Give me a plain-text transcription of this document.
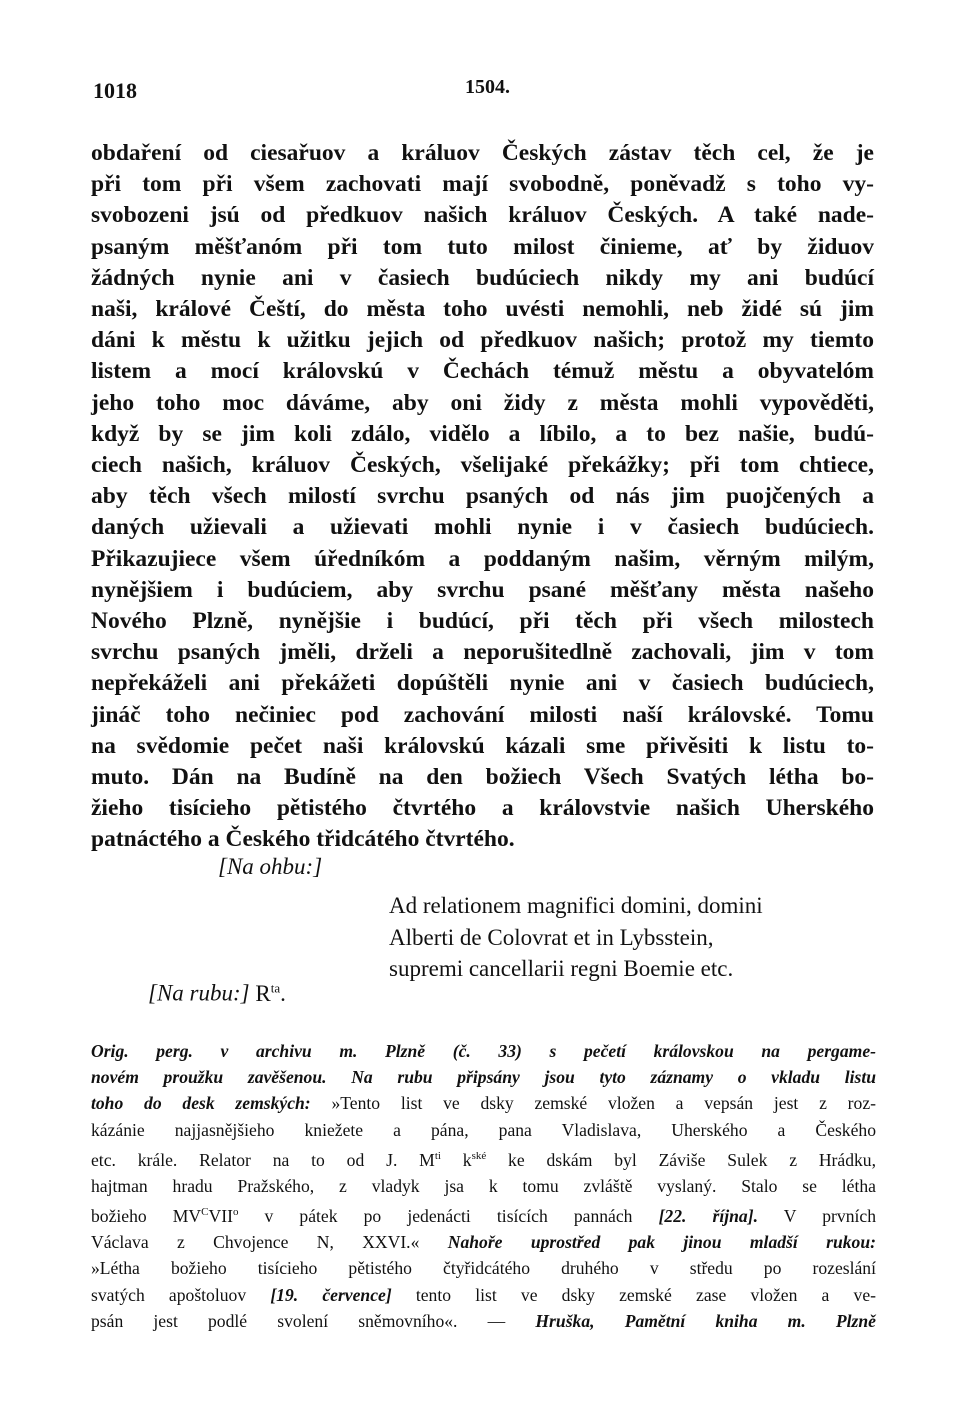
1018	1504.
obdaření od ciesařuov a králuov Českých zástav těch cel, že je
při tom při všem zachovati mají svobodně, poněvadž s toho vy-
svobozeni jsú od předkuov našich králuov Českých. A také nade-
psaným měšťanóm při tom tuto milost činieme, ať by židuov
žádných nynie ani v časiech budúciech nikdy my ani budúcí
naši, králové Čeští, do města toho uvésti nemohli, neb židé sú jim
dáni k městu k užitku jejich od předkuov našich; protož my tiemto
listem a mocí královskú v Čechách témuž městu a obyvatelóm
jeho toho moc dáváme, aby oni židy z města mohli vypověděti,
když by se jim koli zdálo, vidělo a líbilo, a to bez našie, budú-
ciech našich, králuov Českých, všelijaké překážky; při tom chtiece,
aby těch všech milostí svrchu psaných od nás jim puojčených a
daných užievali a užievati mohli nynie i v časiech budúciech.
Přikazujiece všem úředníkóm a poddaným našim, věrným milým,
nynějšiem i budúciem, aby svrchu psané měšťany města našeho
Nového Plzně, nynějšie i budúcí, při těch při všech milostech
svrchu psaných jměli, drželi a neporušitedlně zachovali, jim v tom
nepřekáželi ani překážeti dopúštěli nynie ani v časiech budúciech,
jináč toho nečiniec pod zachování milosti naší královské. Tomu
na svědomie pečet naši královskú kázali sme přivěsiti k listu to-
muto. Dán na Budíně na den božiech Všech Svatých létha bo-
žieho tisícieho pětistého čtvrtého a královstvie našich Uherského
patnáctého a Českého třidcátého čtvrtého.
[Na ohbu:]
Ad relationem magnifici domini, domini
Alberti de Colovrat et in Lybsstein,
supremi cancellarii regni Boemie etc.
[Na rubu:] $R^{ta}$.
Orig. perg. v archivu m. Plzně (č. 33) s pečetí královskou na pergame-
novém proužku zavěšenou. Na rubu připsány jsou tyto záznamy o vkladu listu
toho do desk zemských: »Tento list ve dsky zemské vložen a vepsán jest z roz-
kázánie najjasnějšieho kniežete a pána, pana Vladislava, Uherského a Českého
etc. krále. Relator na to od J. $M^{ti}$ $k^{ské}$ ke dskám byl Záviše Sulek z Hrádku,
hajtman hradu Pražského, z vladyk jsa k tomu zvláště vyslaný. Stalo se létha
božieho $MV^CVII^o$ v pátek po jedenácti tisících pannách [22. října]. V prvních
Václava z Chvojence N, XXVI.« Nahoře uprostřed pak jinou mladší rukou:
»Létha božieho tisícieho pětistého čtyřidcátého druhého v středu po rozeslání
svatých apoštoluov [19. července] tento list ve dsky zemské zase vložen a ve-
psán jest podlé svolení sněmovního«. — Hruška, Pamětní kniha m. Plzně
